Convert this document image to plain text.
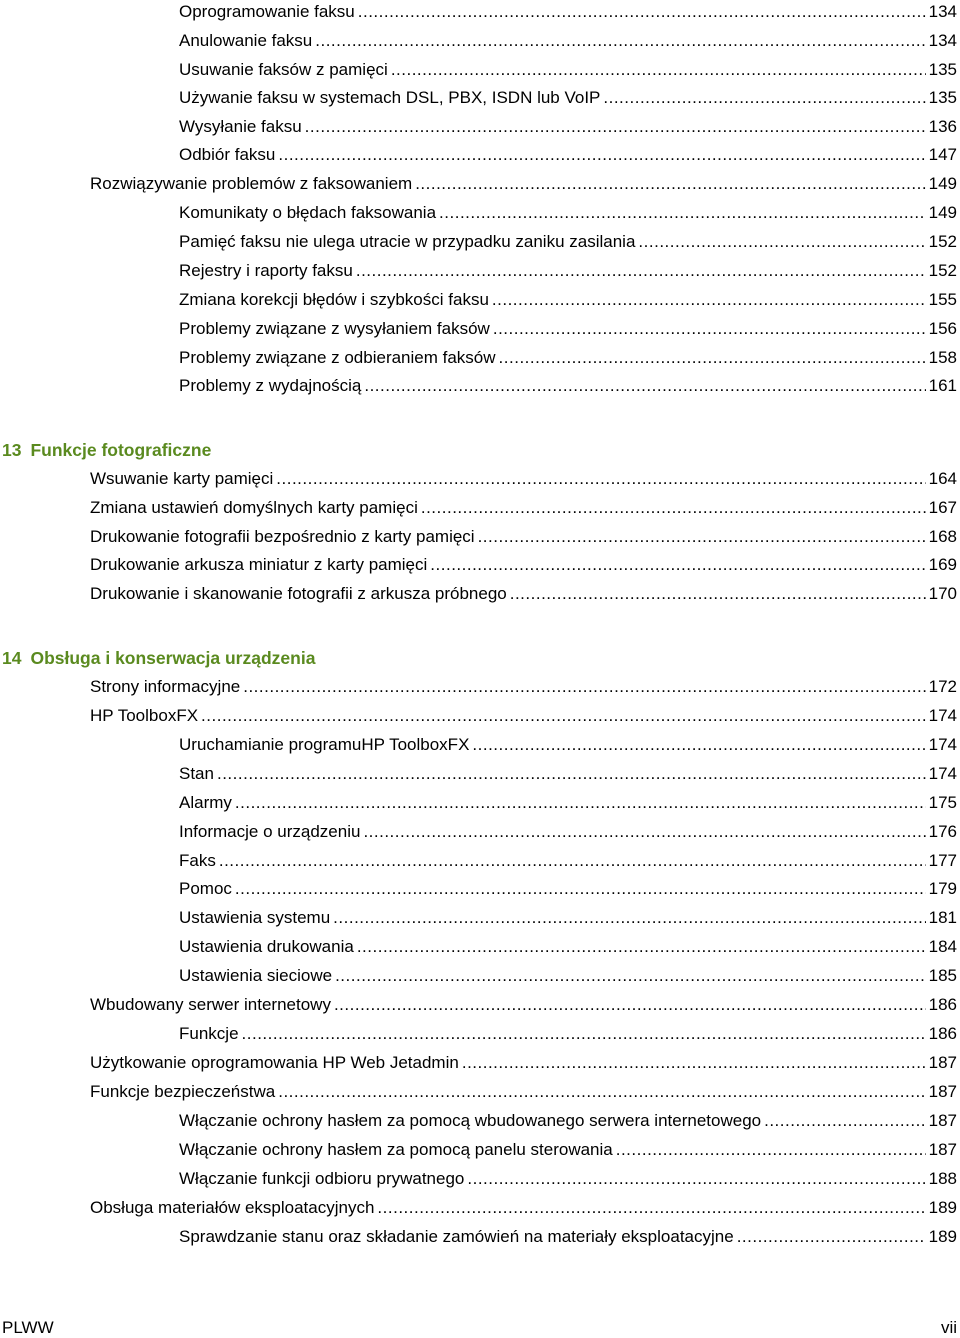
Oprogramowanie faksu .....	134
Anulowanie faksu .....	134
Usuwanie faksów z pamięci .....	135
Używanie faksu w systemach DSL, PBX, ISDN lub VoIP .....	135
Wysyłanie faksu .....	136
Odbiór faksu .....	147
Rozwiązywanie problemów z faksowaniem .....	149
Komunikaty o błędach faksowania .....	149
Pamięć faksu nie ulega utracie w przypadku zaniku zasilania .....	152
Rejestry i raporty faksu .....	152
Zmiana korekcji błędów i szybkości faksu .....	155
Problemy związane z wysyłaniem faksów .....	156
Problemy związane z odbieraniem faksów .....	158
Problemy z wydajnością .....	161
13 Funkcje fotograficzne
Wsuwanie karty pamięci .....	164
Zmiana ustawień domyślnych karty pamięci .....	167
Drukowanie fotografii bezpośrednio z karty pamięci .....	168
Drukowanie arkusza miniatur z karty pamięci .....	169
Drukowanie i skanowanie fotografii z arkusza próbnego .....	170
14 Obsługa i konserwacja urządzenia
Strony informacyjne .....	172
HP ToolboxFX .....	174
Uruchamianie programuHP ToolboxFX .....	174
Stan .....	174
Alarmy .....	175
Informacje o urządzeniu .....	176
Faks .....	177
Pomoc .....	179
Ustawienia systemu .....	181
Ustawienia drukowania .....	184
Ustawienia sieciowe .....	185
Wbudowany serwer internetowy .....	186
Funkcje .....	186
Użytkowanie oprogramowania HP Web Jetadmin .....	187
Funkcje bezpieczeństwa .....	187
Włączanie ochrony hasłem za pomocą wbudowanego serwera internetowego .....	187
Włączanie ochrony hasłem za pomocą panelu sterowania .....	187
Włączanie funkcji odbioru prywatnego .....	188
Obsługa materiałów eksploatacyjnych .....	189
Sprawdzanie stanu oraz składanie zamówień na materiały eksploatacyjne .....	189
PLWW	vii
